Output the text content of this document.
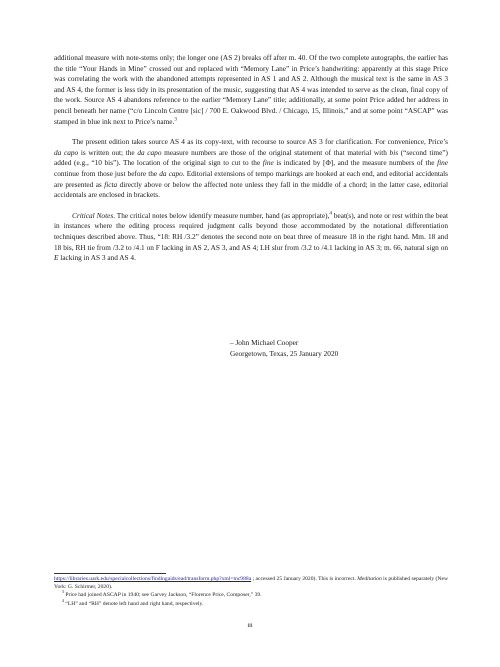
additional measure with note-stems only; the longer one (AS 2) breaks off after m. 40. Of the two complete autographs, the earlier has the title “Your Hands in Mine” crossed out and replaced with “Memory Lane” in Price’s handwriting: apparently at this stage Price was correlating the work with the abandoned attempts represented in AS 1 and AS 2. Although the musical text is the same in AS 3 and AS 4, the former is less tidy in its presentation of the music, suggesting that AS 4 was intended to serve as the clean, final copy of the work. Source AS 4 abandons reference to the earlier “Memory Lane” title; additionally, at some point Price added her address in pencil beneath her name (“c/o Lincoln Centre [sic] / 700 E. Oakwood Blvd. / Chicago, 15, Illinois,” and at some point “ASCAP” was stamped in blue ink next to Price’s name.$^3$

The present edition takes source AS 4 as its copy-text, with recourse to source AS 3 for clarification. For convenience, Price’s da capo is written out; the da capo measure numbers are those of the original statement of that material with bis (“second time”) added (e.g., “10 bis”). The location of the original sign to cut to the fine is indicated by [Φ], and the measure numbers of the fine continue from those just before the da capo. Editorial extensions of tempo markings are hooked at each end, and editorial accidentals are presented as ficta directly above or below the affected note unless they fall in the middle of a chord; in the latter case, editorial accidentals are enclosed in brackets.

Critical Notes. The critical notes below identify measure number, hand (as appropriate),$^4$ beat(s), and note or rest within the beat in instances where the editing process required judgment calls beyond those accommodated by the notational differentiation techniques described above. Thus, “18: RH /3.2” denotes the second note on beat three of measure 18 in the right hand. Mm. 18 and 18 bis, RH tie from /3.2 to /4.1 on F lacking in AS 2, AS 3, and AS 4; LH slur from /3.2 to /4.1 lacking in AS 3; m. 66, natural sign on E lacking in AS 3 and AS 4.

– John Michael Cooper
Georgetown, Texas, 25 January 2020

https://libraries.uark.edu/specialcollections/findingaids/ead/transform.php?xml=mc988a ; accessed 25 January 2020). This is incorrect. Meditation is published separately (New York: G. Schirmer, 2020).

$^3$ Price had joined ASCAP in 1940; see Garvey Jackson, “Florence Price, Composer,” 39.

$^4$ “LH” and “RH” denote left hand and right hand, respectively.

iii
